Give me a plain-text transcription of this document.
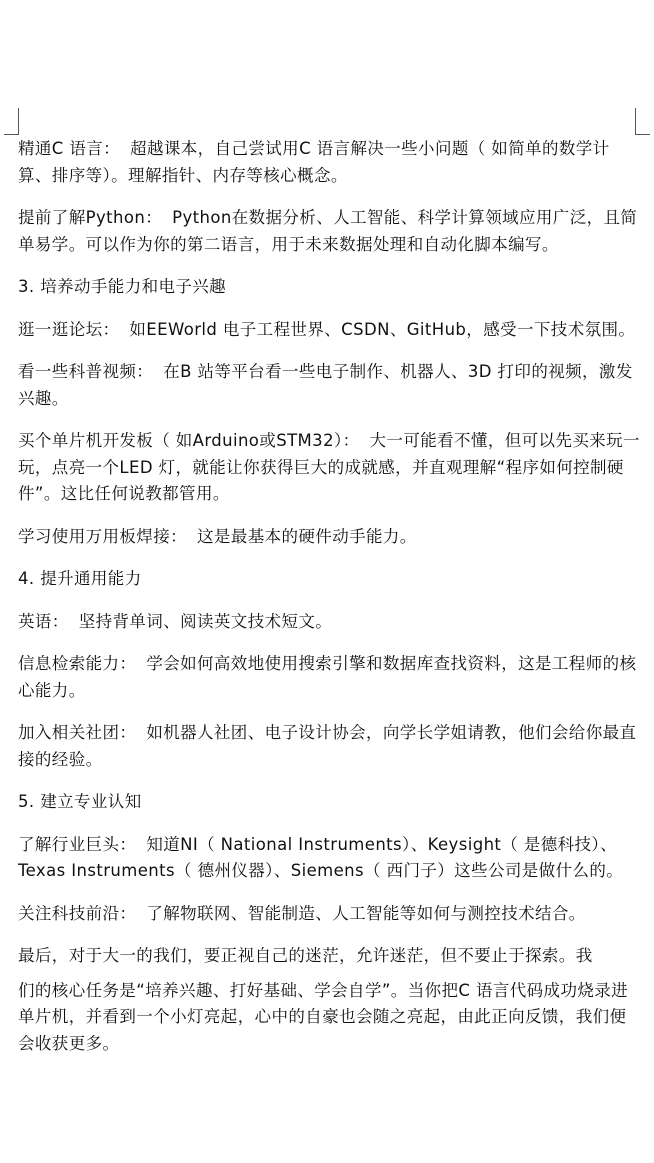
精通C 语言： 超越课本，自己尝试用C 语言解决一些小问题（ 如简单的数学计算、排序等）。理解指针、内存等核心概念。

提前了解Python： Python在数据分析、人工智能、科学计算领域应用广泛，且简单易学。可以作为你的第二语言，用于未来数据处理和自动化脚本编写。

3. 培养动手能力和电子兴趣

逛一逛论坛： 如EEWorld 电子工程世界、CSDN、GitHub，感受一下技术氛围。

看一些科普视频： 在B 站等平台看一些电子制作、机器人、3D 打印的视频，激发兴趣。

买个单片机开发板（ 如Arduino或STM32）： 大一可能看不懂，但可以先买来玩一玩，点亮一个LED 灯，就能让你获得巨大的成就感，并直观理解“程序如何控制硬件”。这比任何说教都管用。

学习使用万用板焊接： 这是最基本的硬件动手能力。

4. 提升通用能力

英语： 坚持背单词、阅读英文技术短文。

信息检索能力： 学会如何高效地使用搜索引擎和数据库查找资料，这是工程师的核心能力。

加入相关社团： 如机器人社团、电子设计协会，向学长学姐请教，他们会给你最直接的经验。

5. 建立专业认知

了解行业巨头： 知道NI（ National Instruments）、Keysight（ 是德科技）、Texas Instruments（ 德州仪器）、Siemens（ 西门子）这些公司是做什么的。

关注科技前沿： 了解物联网、智能制造、人工智能等如何与测控技术结合。

最后，对于大一的我们，要正视自己的迷茫，允许迷茫，但不要止于探索。我

们的核心任务是“培养兴趣、打好基础、学会自学”。当你把C 语言代码成功烧录进单片机，并看到一个小灯亮起，心中的自豪也会随之亮起，由此正向反馈，我们便会收获更多。
